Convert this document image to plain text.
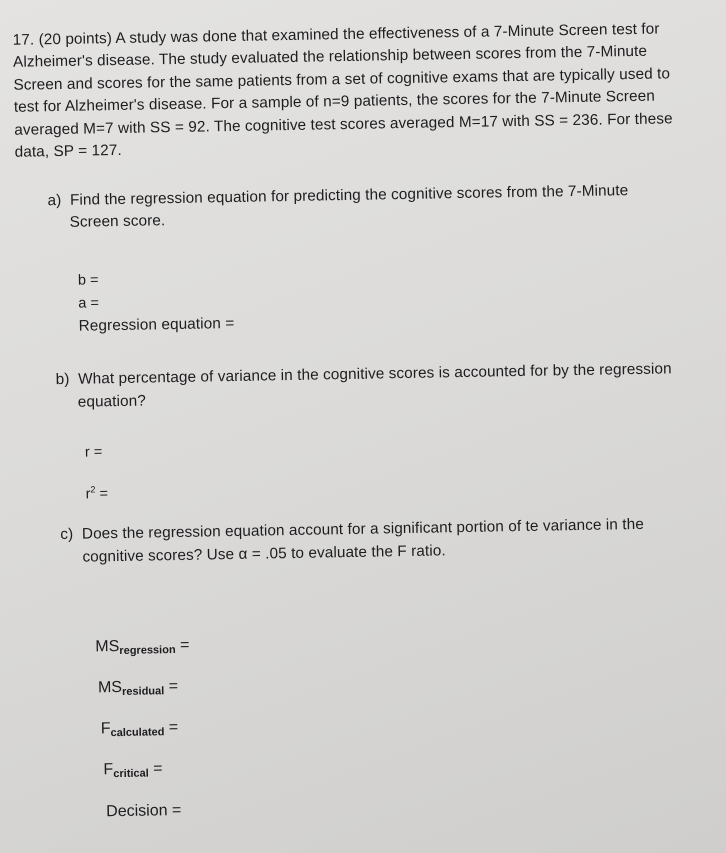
17. (20 points) A study was done that examined the effectiveness of a 7-Minute Screen test for
Alzheimer's disease. The study evaluated the relationship between scores from the 7-Minute
Screen and scores for the same patients from a set of cognitive exams that are typically used to
test for Alzheimer's disease. For a sample of n=9 patients, the scores for the 7-Minute Screen
averaged M=7 with SS = 92. The cognitive test scores averaged M=17 with SS = 236. For these
data, SP = 127.
a)  Find the regression equation for predicting the cognitive scores from the 7-Minute
Screen score.
b =
a =
Regression equation =
b)  What percentage of variance in the cognitive scores is accounted for by the regression
equation?
r =
$r^2$ =
c)  Does the regression equation account for a significant portion of te variance in the
cognitive scores? Use α = .05 to evaluate the F ratio.
$MS_{regression}$ =
$MS_{residual}$ =
$F_{calculated}$ =
$F_{critical}$ =
Decision =
